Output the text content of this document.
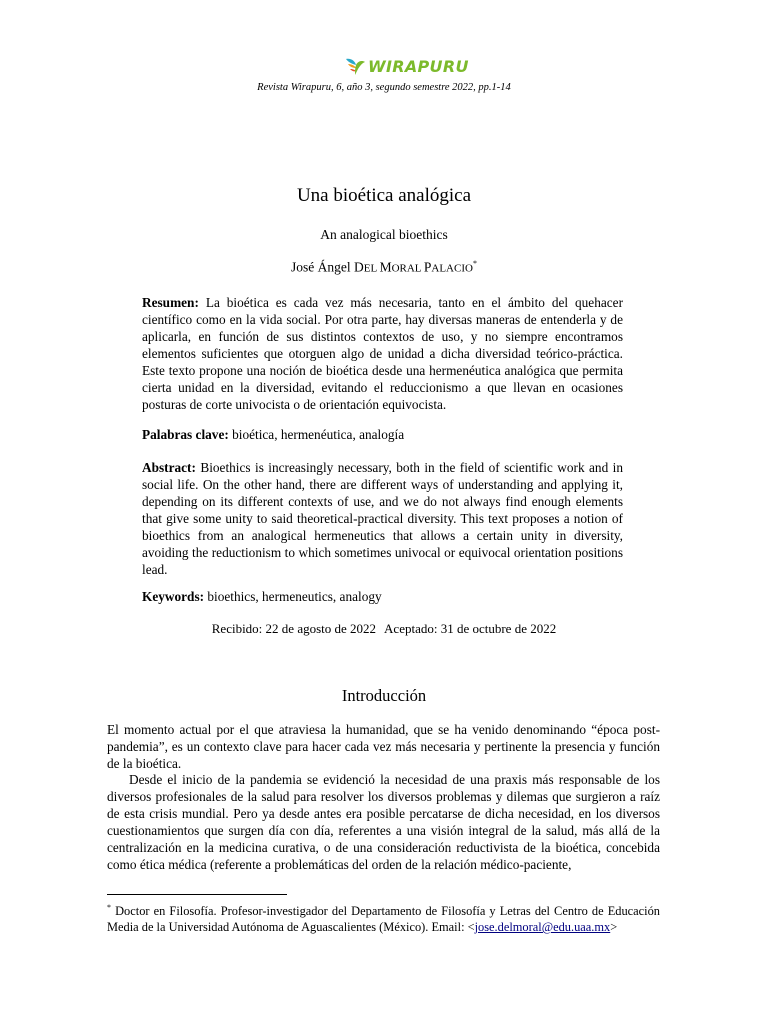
WIRAPURU
Revista Wirapuru, 6, año 3, segundo semestre 2022, pp.1-14
Una bioética analógica
An analogical bioethics
José Ángel DEL MORAL PALACIO*
Resumen: La bioética es cada vez más necesaria, tanto en el ámbito del quehacer científico como en la vida social. Por otra parte, hay diversas maneras de entenderla y de aplicarla, en función de sus distintos contextos de uso, y no siempre encontramos elementos suficientes que otorguen algo de unidad a dicha diversidad teórico-práctica. Este texto propone una noción de bioética desde una hermenéutica analógica que permita cierta unidad en la diversidad, evitando el reduccionismo a que llevan en ocasiones posturas de corte univocista o de orientación equivocista.
Palabras clave: bioética, hermenéutica, analogía
Abstract: Bioethics is increasingly necessary, both in the field of scientific work and in social life. On the other hand, there are different ways of understanding and applying it, depending on its different contexts of use, and we do not always find enough elements that give some unity to said theoretical-practical diversity. This text proposes a notion of bioethics from an analogical hermeneutics that allows a certain unity in diversity, avoiding the reductionism to which sometimes univocal or equivocal orientation positions lead.
Keywords: bioethics, hermeneutics, analogy
Recibido: 22 de agosto de 2022 Aceptado: 31 de octubre de 2022
Introducción
El momento actual por el que atraviesa la humanidad, que se ha venido denominando “época post-pandemia”, es un contexto clave para hacer cada vez más necesaria y pertinente la presencia y función de la bioética.
Desde el inicio de la pandemia se evidenció la necesidad de una praxis más responsable de los diversos profesionales de la salud para resolver los diversos problemas y dilemas que surgieron a raíz de esta crisis mundial. Pero ya desde antes era posible percatarse de dicha necesidad, en los diversos cuestionamientos que surgen día con día, referentes a una visión integral de la salud, más allá de la centralización en la medicina curativa, o de una consideración reductivista de la bioética, concebida como ética médica (referente a problemáticas del orden de la relación médico-paciente,
* Doctor en Filosofía. Profesor-investigador del Departamento de Filosofía y Letras del Centro de Educación Media de la Universidad Autónoma de Aguascalientes (México). Email: <jose.delmoral@edu.uaa.mx>
